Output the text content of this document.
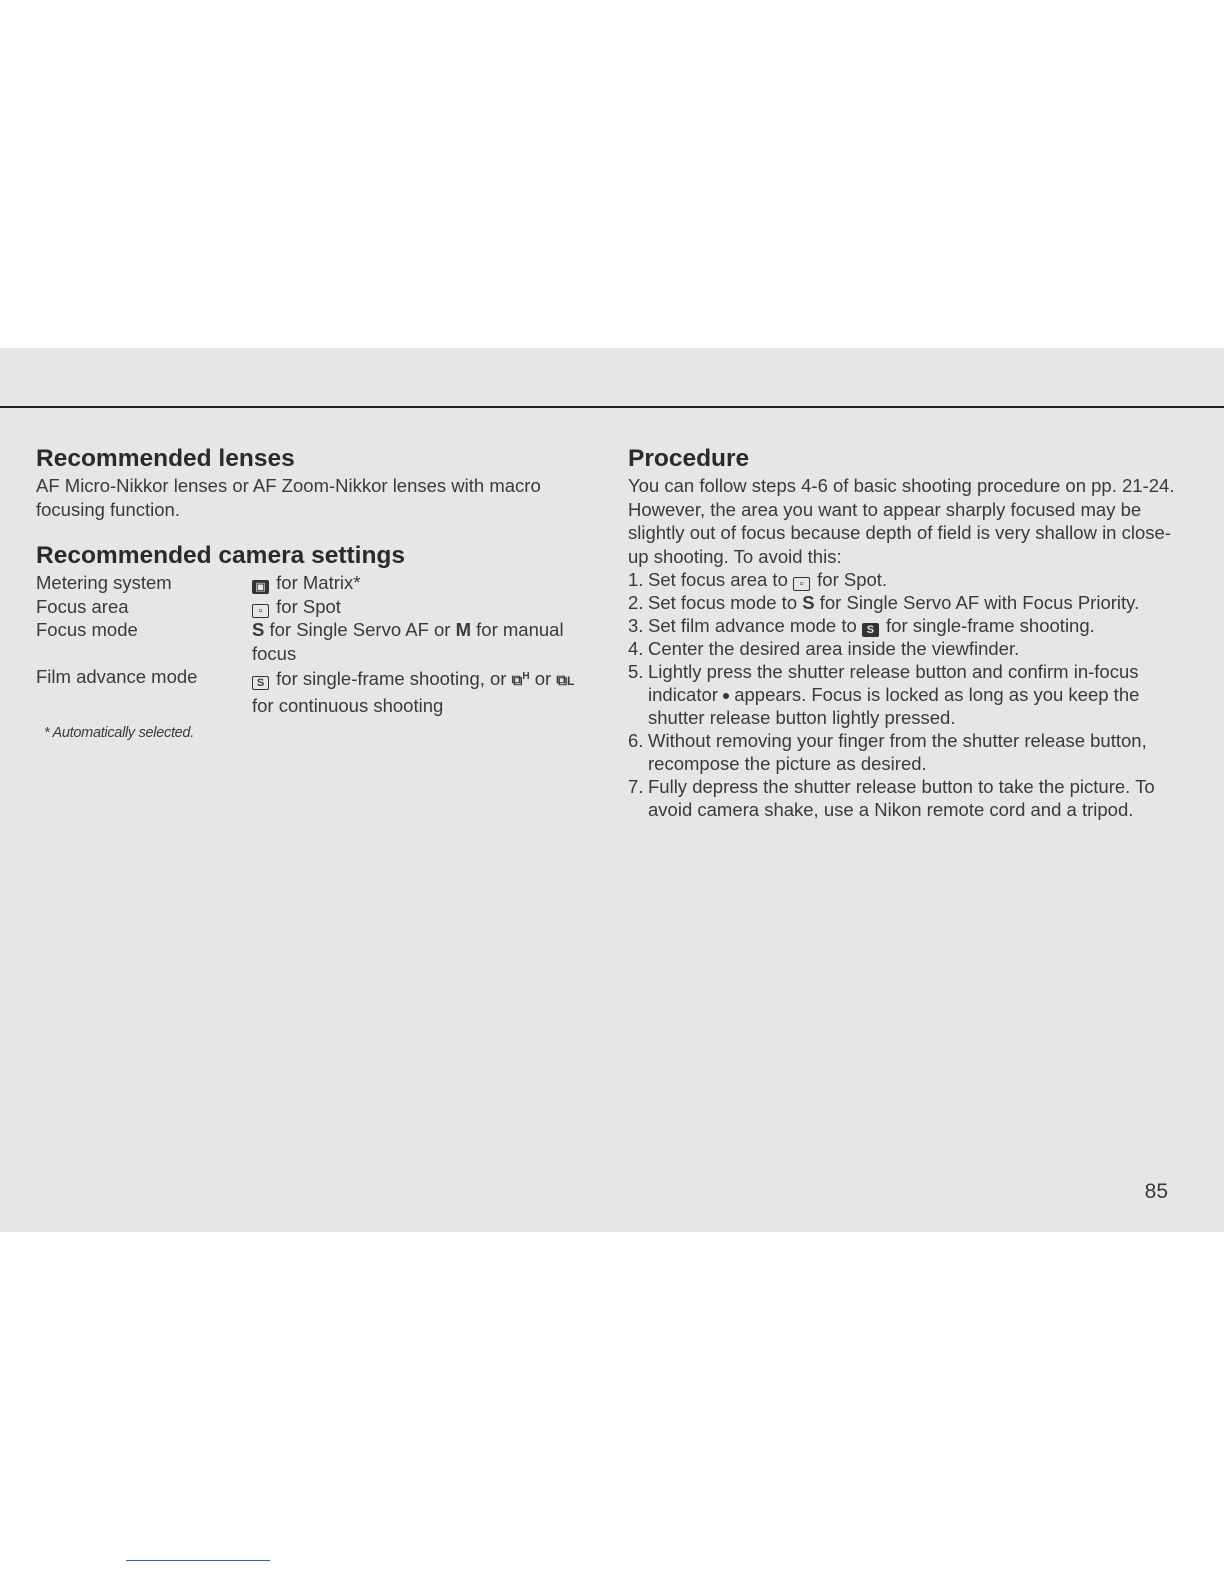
Recommended lenses

AF Micro-Nikkor lenses or AF Zoom-Nikkor lenses with macro focusing function.

Recommended camera settings
Metering system	▣ for Matrix*
Focus area	▫ for Spot
Focus mode	S for Single Servo AF or M for manual focus
Film advance mode	S for single-frame shooting, or ⧉$^H$ or ⧉L for continuous shooting
* Automatically selected.
Procedure

You can follow steps 4-6 of basic shooting procedure on pp. 21-24. However, the area you want to appear sharply focused may be slightly out of focus because depth of field is very shallow in close-up shooting. To avoid this:

1. Set focus area to ▫ for Spot.
2. Set focus mode to S for Single Servo AF with Focus Priority.
3. Set film advance mode to S for single-frame shooting.
4. Center the desired area inside the viewfinder.
5. Lightly press the shutter release button and confirm in-focus indicator appears. Focus is locked as long as you keep the shutter release button lightly pressed.
6. Without removing your finger from the shutter release button, recompose the picture as desired.
7. Fully depress the shutter release button to take the picture. To avoid camera shake, use a Nikon remote cord and a tripod.
85
